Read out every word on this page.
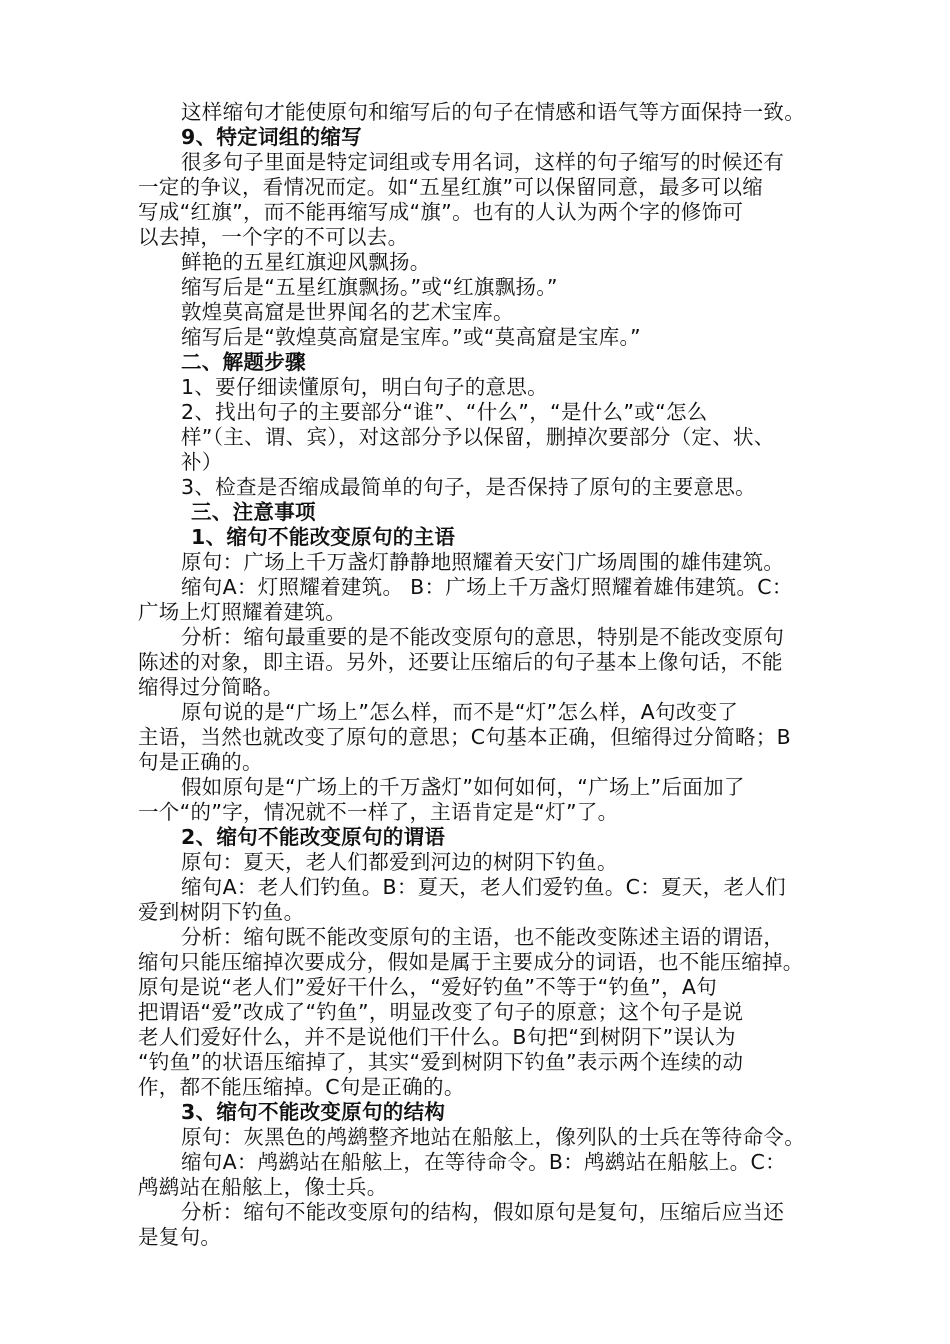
这样缩句才能使原句和缩写后的句子在情感和语气等方面保持一致。

9、特定词组的缩写

很多句子里面是特定词组或专用名词，这样的句子缩写的时候还有

一定的争议，看情况而定。如“五星红旗”可以保留同意，最多可以缩

写成“红旗”，而不能再缩写成“旗”。也有的人认为两个字的修饰可

以去掉，一个字的不可以去。

鲜艳的五星红旗迎风飘扬。

缩写后是“五星红旗飘扬。”或“红旗飘扬。”

敦煌莫高窟是世界闻名的艺术宝库。

缩写后是“敦煌莫高窟是宝库。”或“莫高窟是宝库。”

二、解题步骤

1、要仔细读懂原句，明白句子的意思。

2、找出句子的主要部分“谁”、“什么”，“是什么”或“怎么

样”（主、谓、宾），对这部分予以保留，删掉次要部分（定、状、

补）

3、检查是否缩成最简单的句子，是否保持了原句的主要意思。

三、注意事项

1、缩句不能改变原句的主语

原句：广场上千万盏灯静静地照耀着天安门广场周围的雄伟建筑。

缩句A：灯照耀着建筑。 B：广场上千万盏灯照耀着雄伟建筑。C：

广场上灯照耀着建筑。

分析：缩句最重要的是不能改变原句的意思，特别是不能改变原句

陈述的对象，即主语。另外，还要让压缩后的句子基本上像句话，不能

缩得过分简略。

原句说的是“广场上”怎么样，而不是“灯”怎么样，A句改变了

主语，当然也就改变了原句的意思；C句基本正确，但缩得过分简略；B

句是正确的。

假如原句是“广场上的千万盏灯”如何如何，“广场上”后面加了

一个“的”字，情况就不一样了，主语肯定是“灯”了。

2、缩句不能改变原句的谓语

原句：夏天，老人们都爱到河边的树阴下钓鱼。

缩句A：老人们钓鱼。B：夏天，老人们爱钓鱼。C：夏天，老人们

爱到树阴下钓鱼。

分析：缩句既不能改变原句的主语，也不能改变陈述主语的谓语，

缩句只能压缩掉次要成分，假如是属于主要成分的词语，也不能压缩掉。

原句是说“老人们”爱好干什么，“爱好钓鱼”不等于“钓鱼”，A句

把谓语“爱”改成了“钓鱼”，明显改变了句子的原意；这个句子是说

老人们爱好什么，并不是说他们干什么。B句把“到树阴下”误认为

“钓鱼”的状语压缩掉了，其实“爱到树阴下钓鱼”表示两个连续的动

作，都不能压缩掉。C句是正确的。

3、缩句不能改变原句的结构

原句：灰黑色的鸬鹚整齐地站在船舷上，像列队的士兵在等待命令。

缩句A：鸬鹚站在船舷上，在等待命令。B：鸬鹚站在船舷上。C：

鸬鹚站在船舷上，像士兵。

分析：缩句不能改变原句的结构，假如原句是复句，压缩后应当还

是复句。
